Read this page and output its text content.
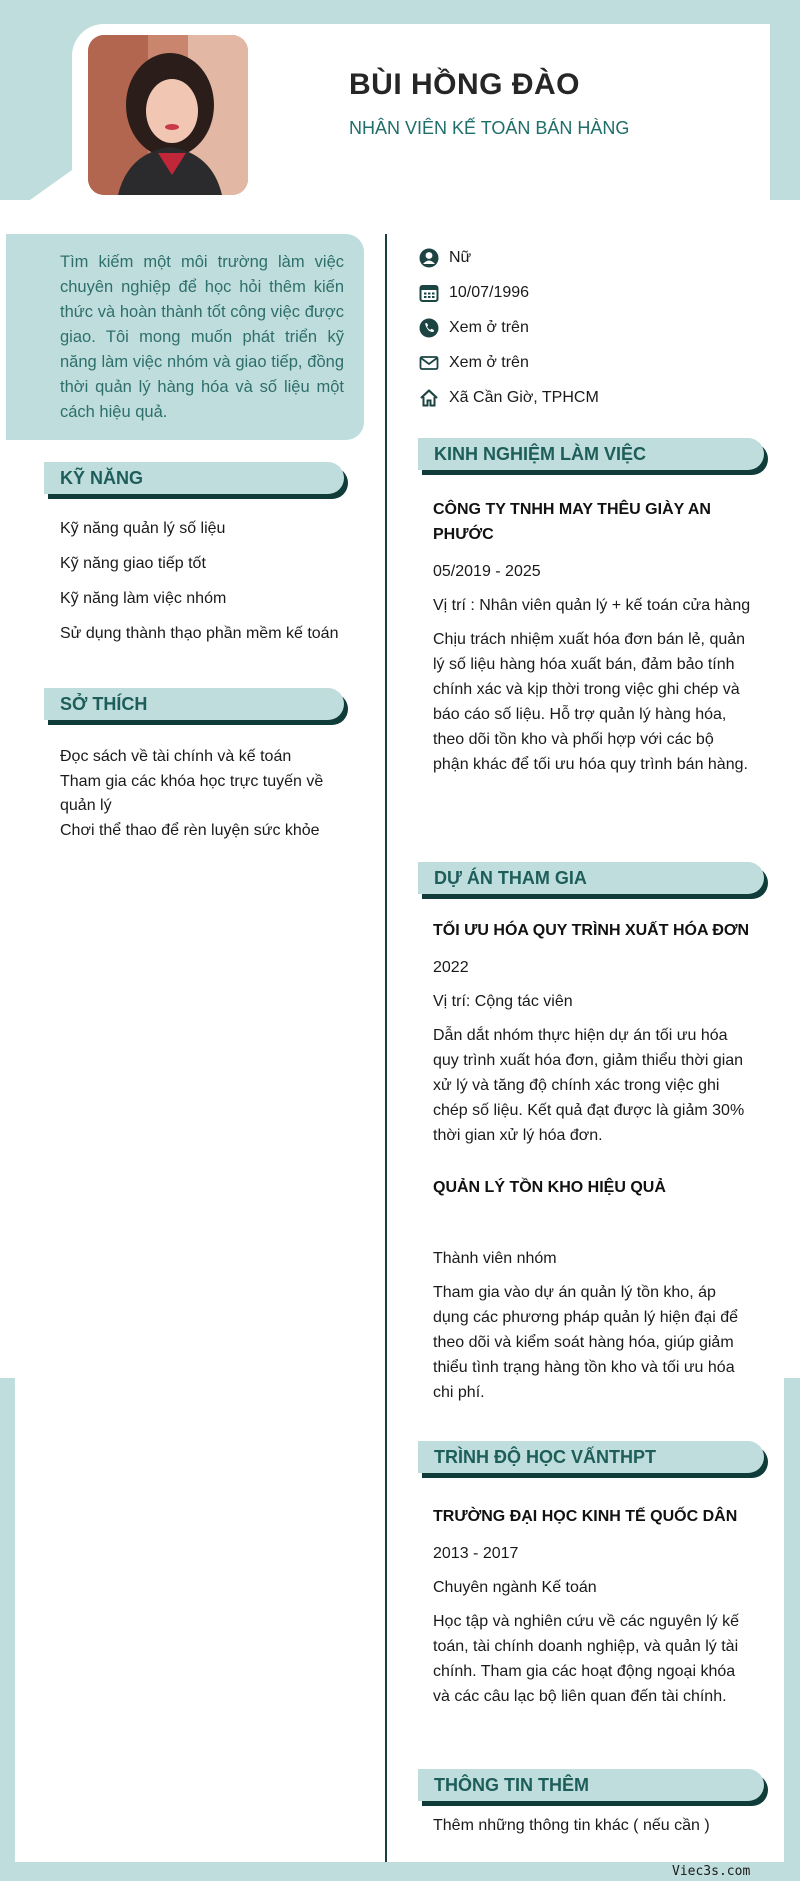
BÙI HỒNG ĐÀO
NHÂN VIÊN KẾ TOÁN BÁN HÀNG

Tìm kiếm một môi trường làm việc chuyên nghiệp để học hỏi thêm kiến thức và hoàn thành tốt công việc được giao. Tôi mong muốn phát triển kỹ năng làm việc nhóm và giao tiếp, đồng thời quản lý hàng hóa và số liệu một cách hiệu quả.

KỸ NĂNG
Kỹ năng quản lý số liệu
Kỹ năng giao tiếp tốt
Kỹ năng làm việc nhóm
Sử dụng thành thạo phần mềm kế toán
SỞ THÍCH
Đọc sách về tài chính và kế toán
Tham gia các khóa học trực tuyến về quản lý
Chơi thể thao để rèn luyện sức khỏe
Nữ
10/07/1996
Xem ở trên
Xem ở trên
Xã Cần Giờ, TPHCM
KINH NGHIỆM LÀM VIỆC
CÔNG TY TNHH MAY THÊU GIÀY AN PHƯỚC
05/2019 - 2025
Vị trí : Nhân viên quản lý + kế toán cửa hàng
Chịu trách nhiệm xuất hóa đơn bán lẻ, quản lý số liệu hàng hóa xuất bán, đảm bảo tính chính xác và kịp thời trong việc ghi chép và báo cáo số liệu. Hỗ trợ quản lý hàng hóa, theo dõi tồn kho và phối hợp với các bộ phận khác để tối ưu hóa quy trình bán hàng.
DỰ ÁN THAM GIA
TỐI ƯU HÓA QUY TRÌNH XUẤT HÓA ĐƠN
2022
Vị trí: Cộng tác viên
Dẫn dắt nhóm thực hiện dự án tối ưu hóa quy trình xuất hóa đơn, giảm thiểu thời gian xử lý và tăng độ chính xác trong việc ghi chép số liệu. Kết quả đạt được là giảm 30% thời gian xử lý hóa đơn.
QUẢN LÝ TỒN KHO HIỆU QUẢ
Thành viên nhóm
Tham gia vào dự án quản lý tồn kho, áp dụng các phương pháp quản lý hiện đại để theo dõi và kiểm soát hàng hóa, giúp giảm thiểu tình trạng hàng tồn kho và tối ưu hóa chi phí.
TRÌNH ĐỘ HỌC VẤNTHPT
TRƯỜNG ĐẠI HỌC KINH TẾ QUỐC DÂN
2013 - 2017
Chuyên ngành Kế toán
Học tập và nghiên cứu về các nguyên lý kế toán, tài chính doanh nghiệp, và quản lý tài chính. Tham gia các hoạt động ngoại khóa và các câu lạc bộ liên quan đến tài chính.
THÔNG TIN THÊM
Thêm những thông tin khác ( nếu cần )
Viec3s.com
